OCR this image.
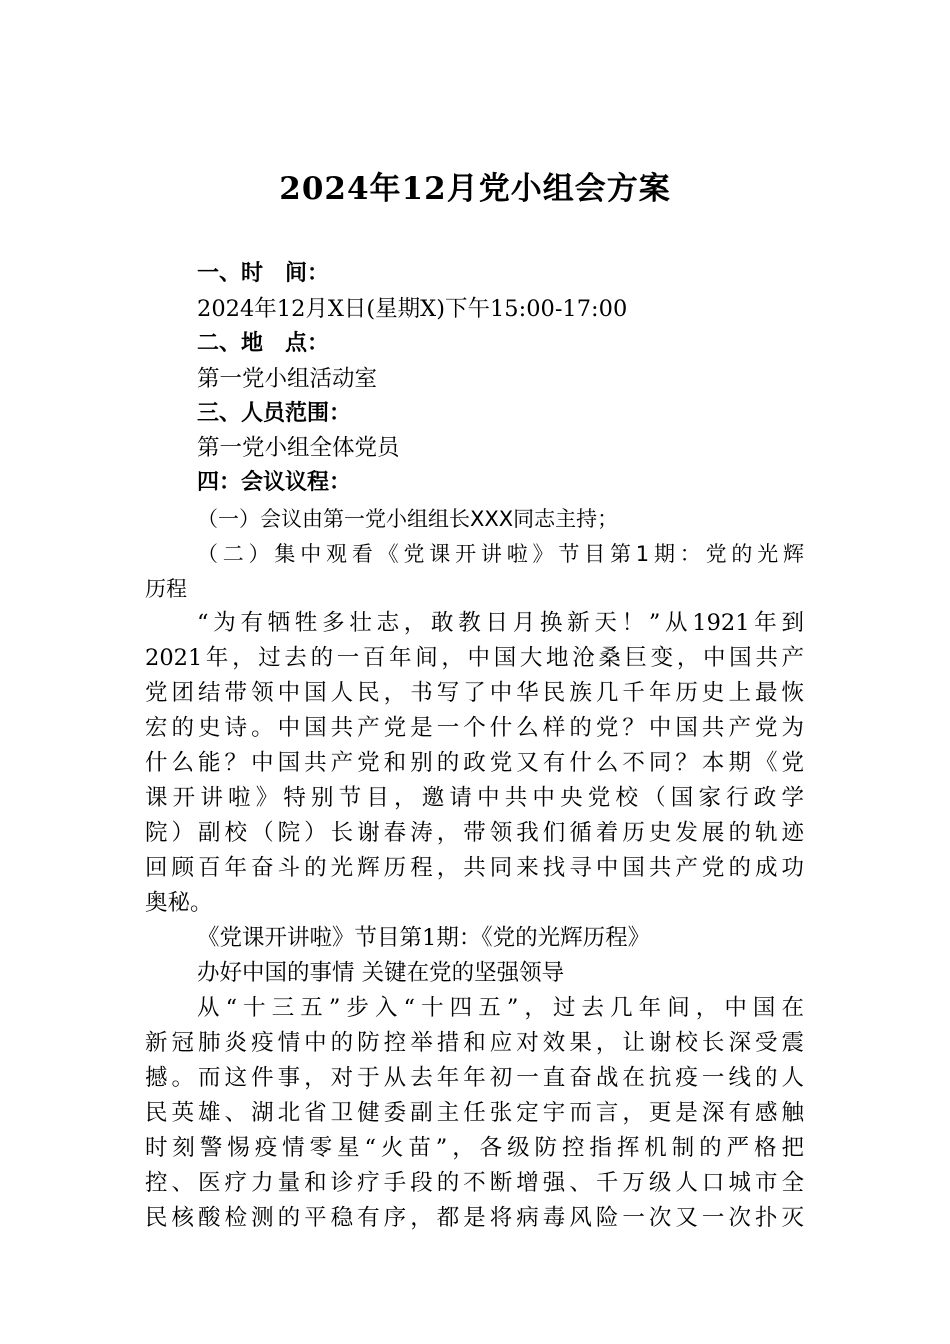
2024年12月党小组会方案
一、时　间：
2024年12月X日(星期X)下午15:00-17:00
二、地　点：
第一党小组活动室
三、人员范围：
第一党小组全体党员
四：会议议程：
（一）会议由第一党小组组长XXX同志主持；
（二）集中观看《党课开讲啦》节目第1期：党的光辉
历程
“为有牺牲多壮志，敢教日月换新天！”从1921年到
2021年，过去的一百年间，中国大地沧桑巨变，中国共产
党团结带领中国人民，书写了中华民族几千年历史上最恢
宏的史诗。中国共产党是一个什么样的党？中国共产党为
什么能？中国共产党和别的政党又有什么不同？本期《党
课开讲啦》特别节目，邀请中共中央党校（国家行政学
院）副校（院）长谢春涛，带领我们循着历史发展的轨迹
回顾百年奋斗的光辉历程，共同来找寻中国共产党的成功
奥秘。
《党课开讲啦》节目第1期：《党的光辉历程》
办好中国的事情 关键在党的坚强领导
从“十三五”步入“十四五”，过去几年间，中国在
新冠肺炎疫情中的防控举措和应对效果，让谢校长深受震
撼。而这件事，对于从去年年初一直奋战在抗疫一线的人
民英雄、湖北省卫健委副主任张定宇而言，更是深有感触
时刻警惕疫情零星“火苗”，各级防控指挥机制的严格把
控、医疗力量和诊疗手段的不断增强、千万级人口城市全
民核酸检测的平稳有序，都是将病毒风险一次又一次扑灭
